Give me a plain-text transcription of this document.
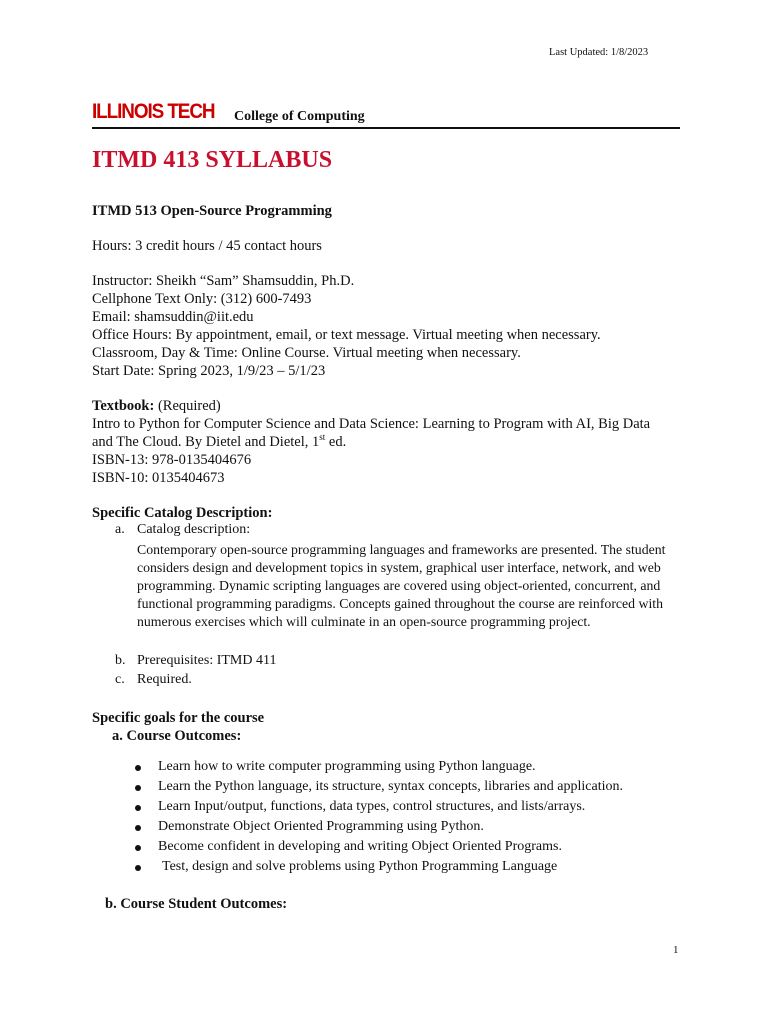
Last Updated: 1/8/2023
ILLINOIS TECH College of Computing
ITMD 413 SYLLABUS
ITMD 513 Open-Source Programming
Hours: 3 credit hours / 45 contact hours
Instructor: Sheikh “Sam” Shamsuddin, Ph.D.
Cellphone Text Only: (312) 600-7493
Email: shamsuddin@iit.edu
Office Hours: By appointment, email, or text message. Virtual meeting when necessary.
Classroom, Day & Time: Online Course. Virtual meeting when necessary.
Start Date: Spring 2023, 1/9/23 – 5/1/23
Textbook: (Required)
Intro to Python for Computer Science and Data Science: Learning to Program with AI, Big Data
and The Cloud. By Dietel and Dietel, 1st ed.
ISBN-13: 978-0135404676
ISBN-10: 0135404673
Specific Catalog Description:
a. Catalog description:
Contemporary open-source programming languages and frameworks are presented. The student considers design and development topics in system, graphical user interface, network, and web programming. Dynamic scripting languages are covered using object-oriented, concurrent, and functional programming paradigms. Concepts gained throughout the course are reinforced with numerous exercises which will culminate in an open-source programming project.
b. Prerequisites: ITMD 411
c. Required.
Specific goals for the course
a. Course Outcomes:
Learn how to write computer programming using Python language.
Learn the Python language, its structure, syntax concepts, libraries and application.
Learn Input/output, functions, data types, control structures, and lists/arrays.
Demonstrate Object Oriented Programming using Python.
Become confident in developing and writing Object Oriented Programs.
Test, design and solve problems using Python Programming Language
b. Course Student Outcomes:
1
